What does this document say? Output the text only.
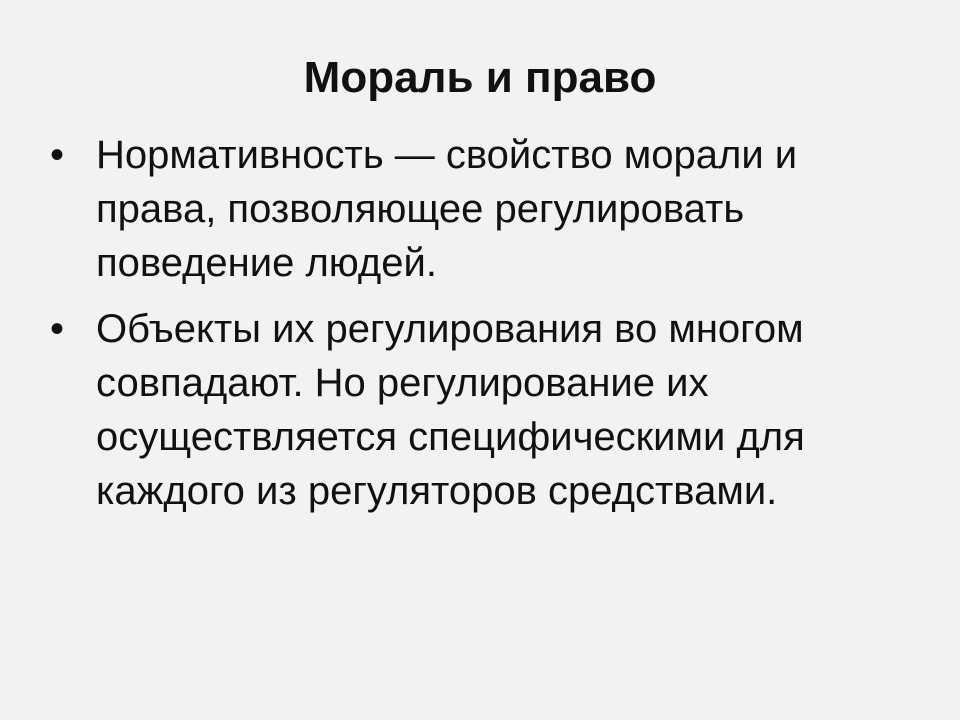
Мораль и право
• Нормативность — свойство морали и права, позволяющее регулировать поведение людей.
• Объекты их регулирования во многом совпадают. Но регулирование их осуществляется специфическими для каждого из регуляторов средствами.
